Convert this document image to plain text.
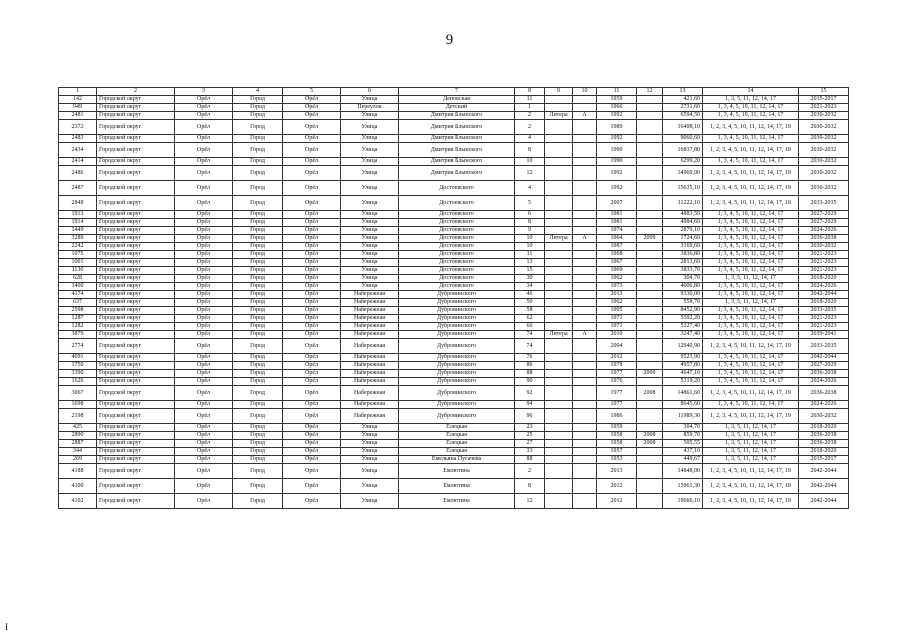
9
1	2	3	4	5	6	7	8	9	10	11	12	13	14	15
142	Городской округ	Орёл	Город	Орёл	Улица	Деповская	11			1959		421,60	1, 3, 5, 11, 12, 14, 17	2015-2017
949	Городской округ	Орёл	Город	Орёл	Переулок	Детский	1			1966		2731,60	1, 3, 4, 5, 10, 11, 12, 14, 17	2021-2023
2481	Городской округ	Орёл	Город	Орёл	Улица	Дмитрия Блынского	2	Литера	А	1992		6594,50	1, 3, 4, 5, 10, 11, 12, 14, 17	2030-2032
2372	Городской округ	Орёл	Город	Орёл	Улица	Дмитрия Блынского	2			1989		16408,10	1, 2, 3, 4, 5, 10, 11, 12, 14, 17, 19	2030-2032
2483	Городской округ	Орёл	Город	Орёл	Улица	Дмитрия Блынского	4			1992		9060,60	1, 3, 4, 5, 10, 11, 12, 14, 17	2030-2032
2434	Городской округ	Орёл	Город	Орёл	Улица	Дмитрия Блынского	8			1990		16837,80	1, 2, 3, 4, 5, 10, 11, 12, 14, 17, 19	2030-2032
2414	Городской округ	Орёл	Город	Орёл	Улица	Дмитрия Блынского	10			1990		6299,20	1, 3, 4, 5, 10, 11, 12, 14, 17	2030-2032
2486	Городской округ	Орёл	Город	Орёл	Улица	Дмитрия Блынского	12			1992		14969,90	1, 2, 3, 4, 5, 10, 11, 12, 14, 17, 19	2030-2032
2487	Городской округ	Орёл	Город	Орёл	Улица	Достоевского	4			1992		15635,10	1, 2, 3, 4, 5, 10, 11, 12, 14, 17, 19	2030-2032
2848	Городской округ	Орёл	Город	Орёл	Улица	Достоевского	5			2007		11222,10	1, 2, 3, 4, 5, 10, 11, 12, 14, 17, 19	2033-2035
1913	Городской округ	Орёл	Город	Орёл	Улица	Достоевского	6			1981		4883,50	1, 3, 4, 5, 10, 11, 12, 14, 17	2027-2029
1914	Городской округ	Орёл	Город	Орёл	Улица	Достоевского	8			1981		4984,60	1, 3, 4, 5, 10, 11, 12, 14, 17	2027-2029
1449	Городской округ	Орёл	Город	Орёл	Улица	Достоевского	9			1974		2879,10	1, 3, 4, 5, 10, 11, 12, 14, 17	2024-2026
3289	Городской округ	Орёл	Город	Орёл	Улица	Достоевского	10	Литера	А	1964	2009	1724,60	1, 3, 4, 5, 10, 11, 12, 14, 17	2036-2038
2242	Городской округ	Орёл	Город	Орёл	Улица	Достоевского	10			1987		3169,60	1, 3, 4, 5, 10, 11, 12, 14, 17	2030-2032
1075	Городской округ	Орёл	Город	Орёл	Улица	Достоевского	11			1968		3836,80	1, 3, 4, 5, 10, 11, 12, 14, 17	2021-2023
1001	Городской округ	Орёл	Город	Орёл	Улица	Достоевского	13			1967		2813,60	1, 3, 4, 5, 10, 11, 12, 14, 17	2021-2023
1136	Городской округ	Орёл	Город	Орёл	Улица	Достоевского	15			1969		3833,70	1, 3, 4, 5, 10, 11, 12, 14, 17	2021-2023
628	Городской округ	Орёл	Город	Орёл	Улица	Достоевского	30			1962		304,70	1, 3, 5, 11, 12, 14, 17	2018-2020
1400	Городской округ	Орёл	Город	Орёл	Улица	Достоевского	34			1973		4006,80	1, 3, 4, 5, 10, 11, 12, 14, 17	2024-2026
4174	Городской округ	Орёл	Город	Орёл	Набережная	Дубровинского	46			2013		9330,00	1, 3, 4, 5, 10, 11, 12, 14, 17	2042-2044
637	Городской округ	Орёл	Город	Орёл	Набережная	Дубровинского	50			1962		558,70	1, 3, 5, 11, 12, 14, 17	2018-2020
2598	Городской округ	Орёл	Город	Орёл	Набережная	Дубровинского	58			1995		8452,90	1, 3, 4, 5, 10, 11, 12, 14, 17	2033-2035
1287	Городской округ	Орёл	Город	Орёл	Набережная	Дубровинского	62			1971		5592,20	1, 3, 4, 5, 10, 11, 12, 14, 17	2021-2023
1282	Городской округ	Орёл	Город	Орёл	Набережная	Дубровинского	66			1971		5327,40	1, 3, 4, 5, 10, 11, 12, 14, 17	2021-2023
3879	Городской округ	Орёл	Город	Орёл	Набережная	Дубровинского	74	Литера	А	2010		3247,40	1, 3, 4, 5, 10, 11, 12, 14, 17	2039-2041
2774	Городской округ	Орёл	Город	Орёл	Набережная	Дубровинского	74			2004		12940,90	1, 2, 3, 4, 5, 10, 11, 12, 14, 17, 19	2033-2035
4091	Городской округ	Орёл	Город	Орёл	Набережная	Дубровинского	76			2012		9523,90	1, 3, 4, 5, 10, 11, 12, 14, 17	2042-2044
1750	Городской округ	Орёл	Город	Орёл	Набережная	Дубровинского	86			1978		4957,80	1, 3, 4, 5, 10, 11, 12, 14, 17	2027-2029
3390	Городской округ	Орёл	Город	Орёл	Набережная	Дубровинского	88			1977	2009	4647,10	1, 3, 4, 5, 10, 11, 12, 14, 17	2036-2038
1626	Городской округ	Орёл	Город	Орёл	Набережная	Дубровинского	90			1976		5319,20	1, 3, 4, 5, 10, 11, 12, 14, 17	2024-2026
3067	Городской округ	Орёл	Город	Орёл	Набережная	Дубровинского	92			1977	2008	14861,60	1, 2, 3, 4, 5, 10, 11, 12, 14, 17, 19	2036-2038
1698	Городской округ	Орёл	Город	Орёл	Набережная	Дубровинского	94			1977		8645,60	1, 3, 4, 5, 10, 11, 12, 14, 17	2024-2026
2198	Городской округ	Орёл	Город	Орёл	Набережная	Дубровинского	96			1986		11989,30	1, 2, 3, 4, 5, 10, 11, 12, 14, 17, 19	2030-2032
425	Городской округ	Орёл	Город	Орёл	Улица	Елецкая	23			1959		304,70	1, 3, 5, 11, 12, 14, 17	2018-2020
2890	Городской округ	Орёл	Город	Орёл	Улица	Елецкая	25			1958	2008	859,70	1, 3, 5, 11, 12, 14, 17	2036-2038
2887	Городской округ	Орёл	Город	Орёл	Улица	Елецкая	27			1958	2008	505,55	1, 3, 5, 11, 12, 14, 17	2036-2038
344	Городской округ	Орёл	Город	Орёл	Улица	Елецкая	33			1957		437,10	1, 3, 5, 11, 12, 14, 17	2018-2020
269	Городской округ	Орёл	Город	Орёл	Улица	Емельяна Пугачева	88			1953		449,67	1, 3, 5, 11, 12, 14, 17	2015-2017
4188	Городской округ	Орёл	Город	Орёл	Улица	Емлютина	2			2013		14848,00	1, 2, 3, 4, 5, 10, 11, 12, 14, 17, 19	2042-2044
4100	Городской округ	Орёл	Город	Орёл	Улица	Емлютина	8			2012		15961,30	1, 2, 3, 4, 5, 10, 11, 12, 14, 17, 19	2042-2044
4102	Городской округ	Орёл	Город	Орёл	Улица	Емлютина	12			2012		19666,10	1, 2, 3, 4, 5, 10, 11, 12, 14, 17, 19	2042-2044
I
